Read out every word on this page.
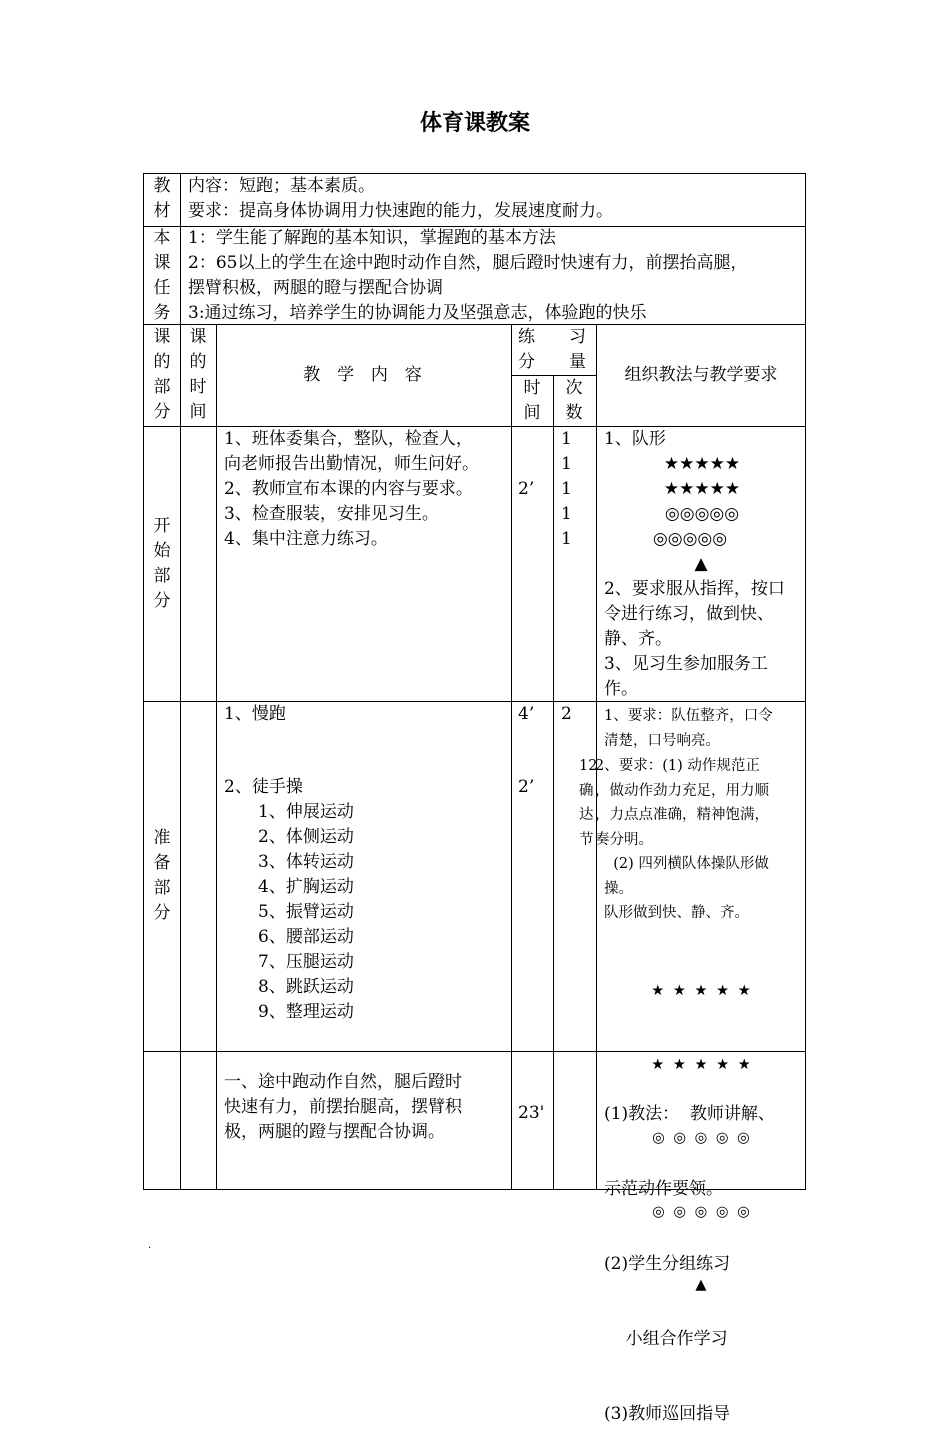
体育课教案
教
材
内容：短跑；基本素质。
要求：提高身体协调用力快速跑的能力，发展速度耐力。
本
课
任
务
1：学生能了解跑的基本知识，掌握跑的基本方法
2：65以上的学生在途中跑时动作自然，腿后蹬时快速有力，前摆抬高腿，
摆臂积极，两腿的瞪与摆配合协调
3:通过练习，培养学生的协调能力及坚强意志，体验跑的快乐
课
的
部
分
课
的
时
间
教  学  内  容
练 习
分 量
时
间
次
数
组织教法与教学要求
开
始
部
分
1、班体委集合，整队，检查人，
向老师报告出勤情况，师生问好。
2、教师宣布本课的内容与要求。
3、检查服装，安排见习生。
4、集中注意力练习。
2’
1
1
1
1
1
1、队形
★★★★★
★★★★★
◎◎◎◎◎
◎◎◎◎◎
▲
2、要求服从指挥，按口
令进行练习，做到快、
静、齐。
3、见习生参加服务工
作。
准
备
部
分
1、慢跑
2、徒手操
1、伸展运动
2、体侧运动
3、体转运动
4、扩胸运动
5、振臂运动
6、腰部运动
7、压腿运动
8、跳跃运动
9、整理运动
4’
2’
2
12
确
达
节
1、要求：队伍整齐，口令
清楚，口号响亮。
2、要求：(1) 动作规范正
，做动作劲力充足，用力顺
，力点点准确，精神饱满，
奏分明。
(2) 四列横队体操队形做
操。
队形做到快、静、齐。

★ ★ ★ ★ ★

★ ★ ★ ★ ★

◎ ◎ ◎ ◎ ◎

◎ ◎ ◎ ◎ ◎

▲

一、途中跑动作自然，腿后蹬时
快速有力，前摆抬腿高，摆臂积
极，两腿的蹬与摆配合协调。
23'

	(1)教法：  教师讲解、

示范动作要领。

(2)学生分组练习

小组合作学习

(3)教师巡回指导

.
